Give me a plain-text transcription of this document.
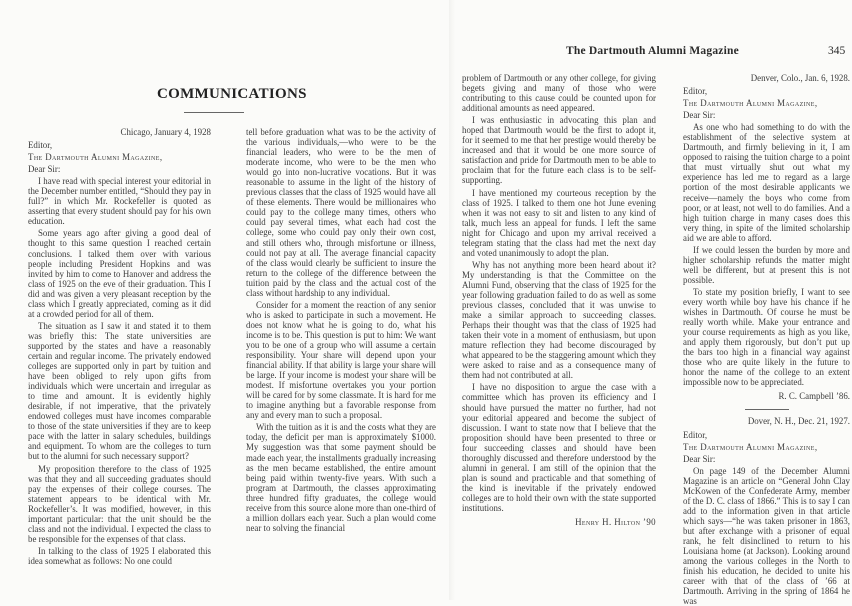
COMMUNICATIONS

Chicago, January 4, 1928

Editor,

The Dartmouth Alumni Magazine,

Dear Sir:

I have read with special interest your editorial in the December number entitled, “Should they pay in full?” in which Mr. Rockefeller is quoted as asserting that every student should pay for his own education.

Some years ago after giving a good deal of thought to this same question I reached certain conclusions. I talked them over with various people including President Hopkins and was invited by him to come to Hanover and address the class of 1925 on the eve of their graduation. This I did and was given a very pleasant reception by the class which I greatly appreciated, coming as it did at a crowded period for all of them.

The situation as I saw it and stated it to them was briefly this: The state universities are supported by the states and have a reasonably certain and regular income. The privately endowed colleges are supported only in part by tuition and have been obliged to rely upon gifts from individuals which were uncertain and irregular as to time and amount. It is evidently highly desirable, if not imperative, that the privately endowed colleges must have incomes comparable to those of the state universities if they are to keep pace with the latter in salary schedules, buildings and equipment. To whom are the colleges to turn but to the alumni for such necessary support?

My proposition therefore to the class of 1925 was that they and all succeeding graduates should pay the expenses of their college courses. The statement appears to be identical with Mr. Rockefeller’s. It was modified, however, in this important particular: that the unit should be the class and not the individual. I expected the class to be responsible for the expenses of that class.

In talking to the class of 1925 I elaborated this idea somewhat as follows: No one could

tell before graduation what was to be the activity of the various individuals,—who were to be the financial leaders, who were to be the men of moderate income, who were to be the men who would go into non-lucrative vocations. But it was reasonable to assume in the light of the history of previous classes that the class of 1925 would have all of these elements. There would be millionaires who could pay to the college many times, others who could pay several times, what each had cost the college, some who could pay only their own cost, and still others who, through misfortune or illness, could not pay at all. The average financial capacity of the class would clearly be sufficient to insure the return to the college of the difference between the tuition paid by the class and the actual cost of the class without hardship to any individual.

Consider for a moment the reaction of any senior who is asked to participate in such a movement. He does not know what he is going to do, what his income is to be. This question is put to him: We want you to be one of a group who will assume a certain responsibility. Your share will depend upon your financial ability. If that ability is large your share will be large. If your income is modest your share will be modest. If misfortune overtakes you your portion will be cared for by some classmate. It is hard for me to imagine anything but a favorable response from any and every man to such a proposal.

With the tuition as it is and the costs what they are today, the deficit per man is approximately $1000. My suggestion was that some payment should be made each year, the installments gradually increasing as the men became established, the entire amount being paid within twenty-five years. With such a program at Dartmouth, the classes approximating three hundred fifty graduates, the college would receive from this source alone more than one-third of a million dollars each year. Such a plan would come near to solving the financial

The Dartmouth Alumni Magazine	345

problem of Dartmouth or any other college, for giving begets giving and many of those who were contributing to this cause could be counted upon for additional amounts as need appeared.

I was enthusiastic in advocating this plan and hoped that Dartmouth would be the first to adopt it, for it seemed to me that her prestige would thereby be increased and that it would be one more source of satisfaction and pride for Dartmouth men to be able to proclaim that for the future each class is to be self-supporting.

I have mentioned my courteous reception by the class of 1925. I talked to them one hot June evening when it was not easy to sit and listen to any kind of talk, much less an appeal for funds. I left the same night for Chicago and upon my arrival received a telegram stating that the class had met the next day and voted unanimously to adopt the plan.

Why has not anything more been heard about it? My understanding is that the Committee on the Alumni Fund, observing that the class of 1925 for the year following graduation failed to do as well as some previous classes, concluded that it was unwise to make a similar approach to succeeding classes. Perhaps their thought was that the class of 1925 had taken their vote in a moment of enthusiasm, but upon mature reflection they had become discouraged by what appeared to be the staggering amount which they were asked to raise and as a consequence many of them had not contributed at all.

I have no disposition to argue the case with a committee which has proven its efficiency and I should have pursued the matter no further, had not your editorial appeared and become the subject of discussion. I want to state now that I believe that the proposition should have been presented to three or four succeeding classes and should have been thoroughly discussed and therefore understood by the alumni in general. I am still of the opinion that the plan is sound and practicable and that something of the kind is inevitable if the privately endowed colleges are to hold their own with the state supported institutions.

Henry H. Hilton ’90

Denver, Colo., Jan. 6, 1928.

Editor,

The Dartmouth Alumni Magazine,

Dear Sir:

As one who had something to do with the establishment of the selective system at Dartmouth, and firmly believing in it, I am opposed to raising the tuition charge to a point that must virtually shut out what my experience has led me to regard as a large portion of the most desirable applicants we receive—namely the boys who come from poor, or at least, not well to do families. And a high tuition charge in many cases does this very thing, in spite of the limited scholarship aid we are able to afford.

If we could lessen the burden by more and higher scholarship refunds the matter might well be different, but at present this is not possible.

To state my position briefly, I want to see every worth while boy have his chance if he wishes in Dartmouth. Of course he must be really worth while. Make your entrance and your course requirements as high as you like, and apply them rigorously, but don’t put up the bars too high in a financial way against those who are quite likely in the future to honor the name of the college to an extent impossible now to be appreciated.

R. C. Campbell ’86.

Dover, N. H., Dec. 21, 1927.

Editor,

The Dartmouth Alumni Magazine,

Dear Sir:

On page 149 of the December Alumni Magazine is an article on “General John Clay McKowen of the Confederate Army, member of the D. C. class of 1866.” This is to say I can add to the information given in that article which says—“he was taken prisoner in 1863, but after exchange with a prisoner of equal rank, he felt disinclined to return to his Louisiana home (at Jackson). Looking around among the various colleges in the North to finish his education, he decided to unite his career with that of the class of ’66 at Dartmouth. Arriving in the spring of 1864 he was
